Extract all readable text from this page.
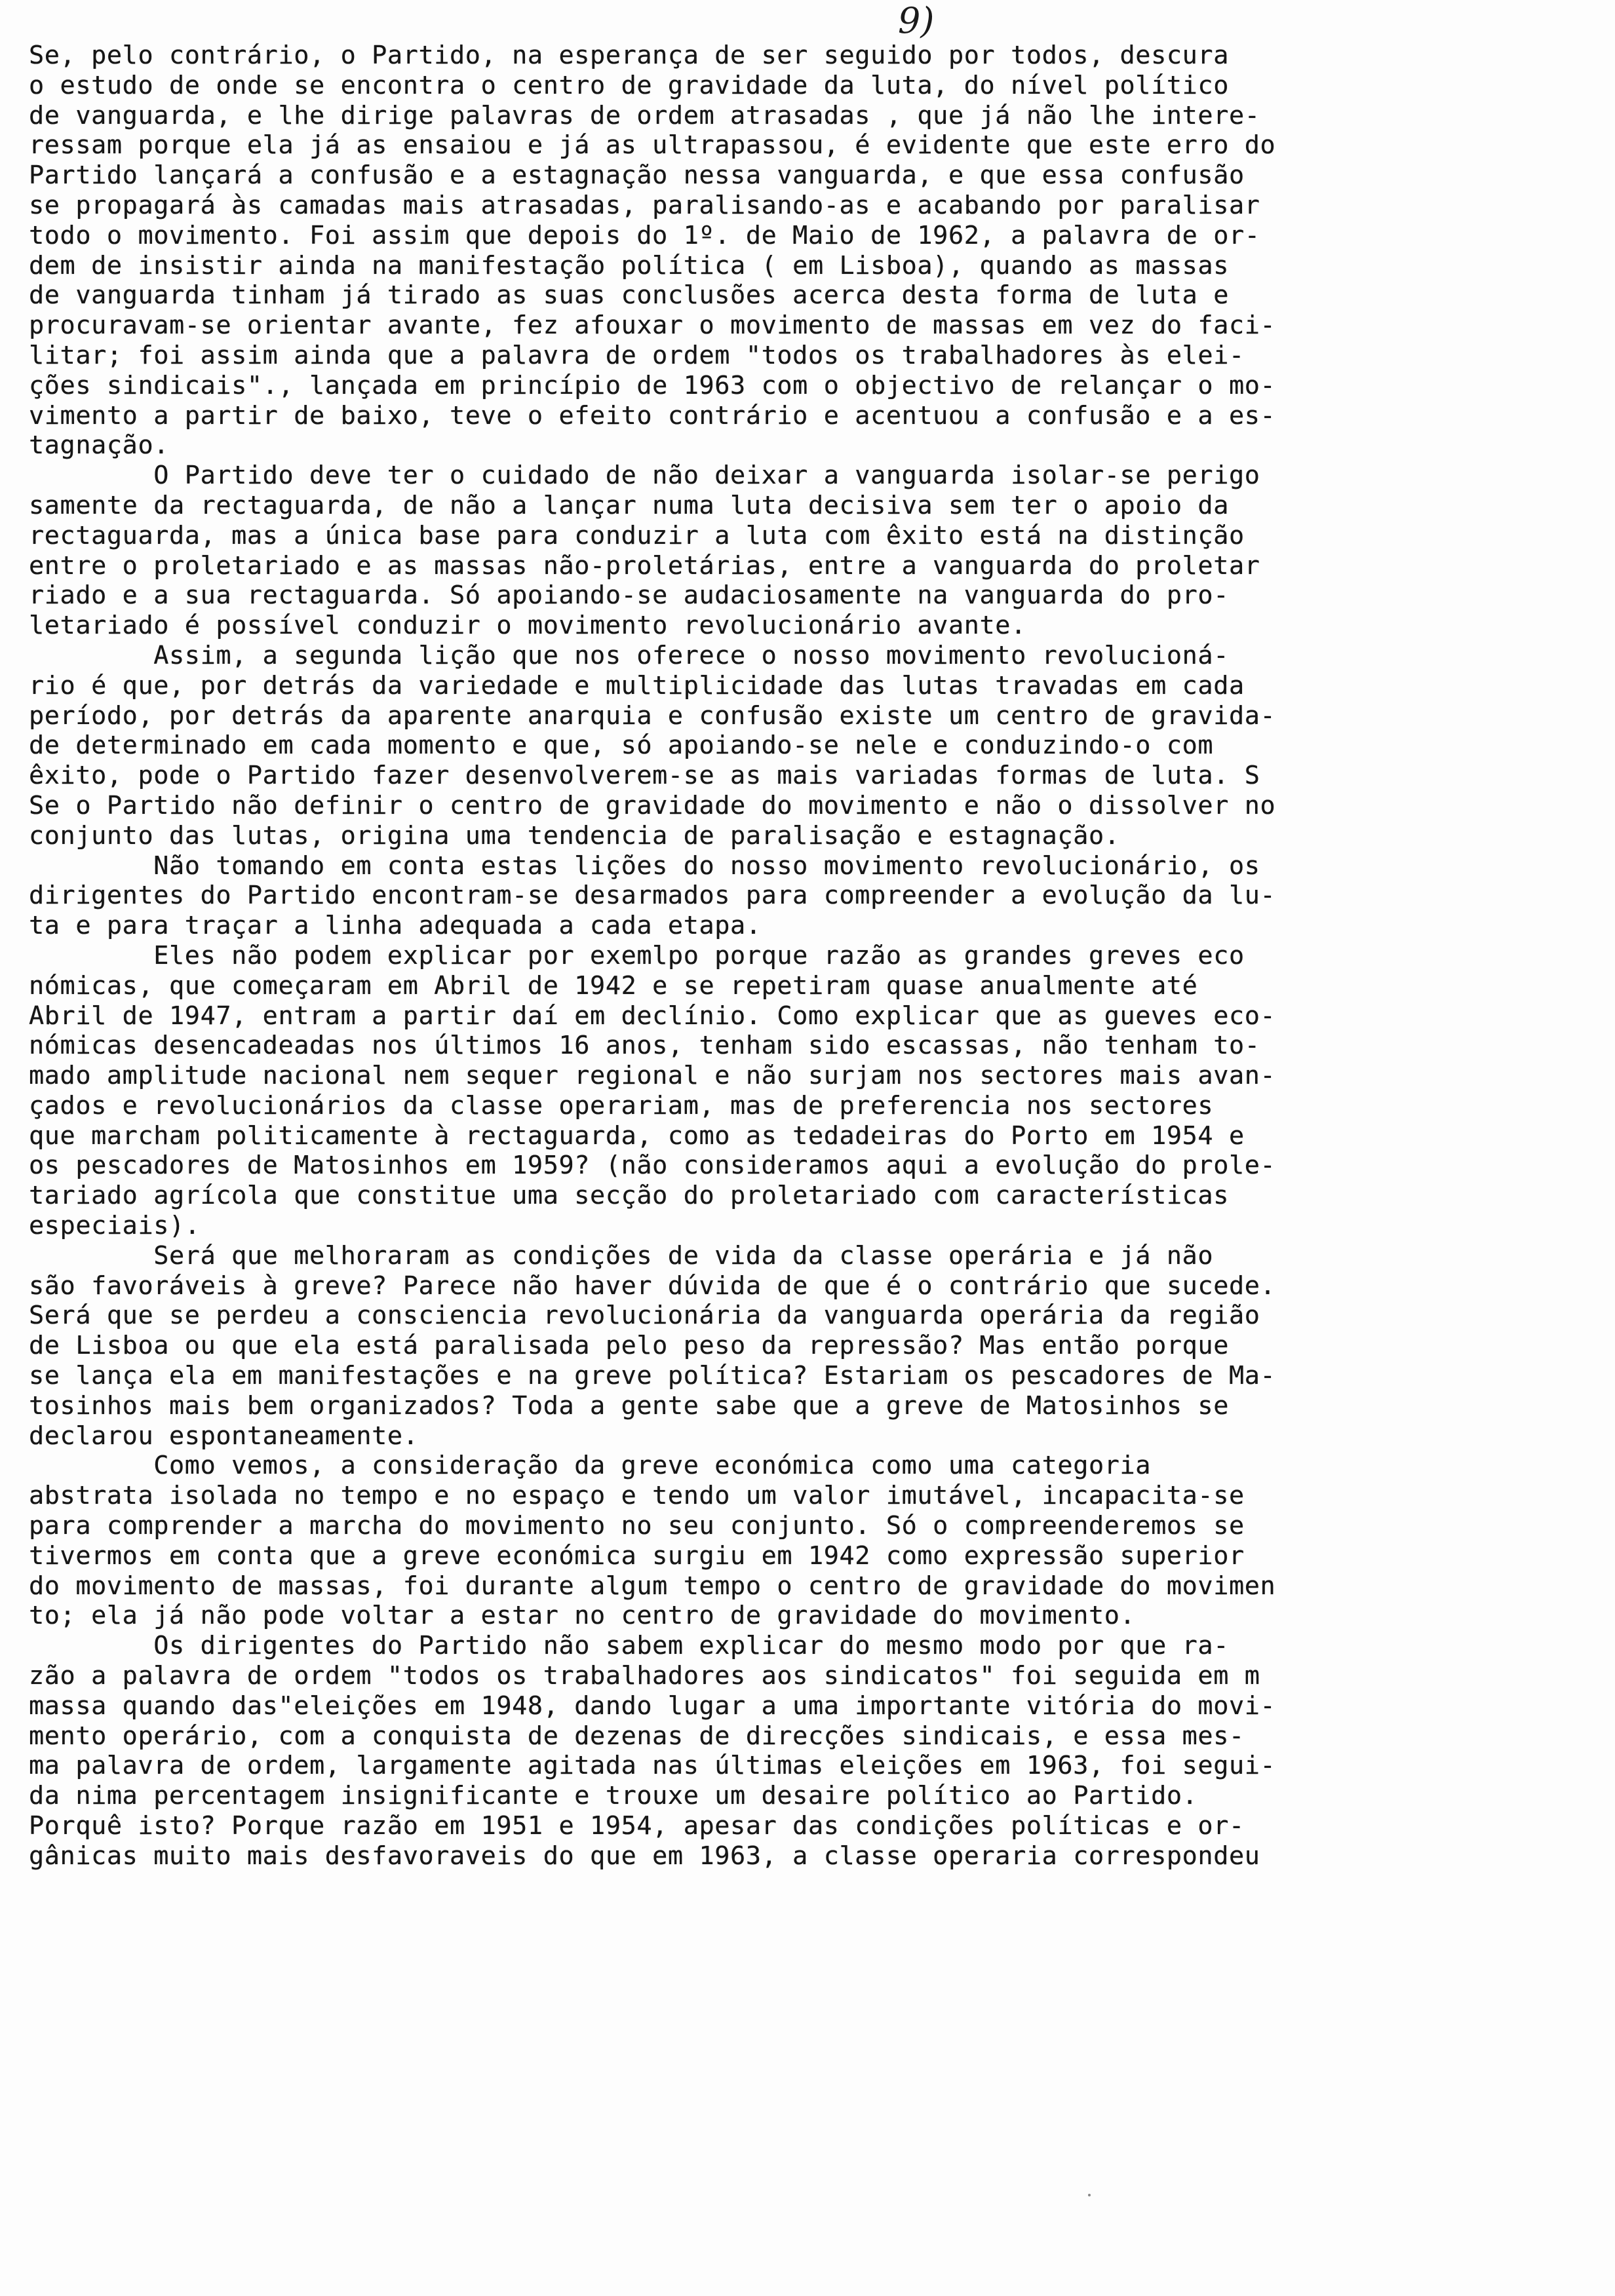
9)
Se, pelo contrário, o Partido, na esperança de ser seguido por todos, descura
o estudo de onde se encontra o centro de gravidade da luta, do nível político
de vanguarda, e lhe dirige palavras de ordem atrasadas , que já não lhe intere-
ressam porque ela já as ensaiou e já as ultrapassou, é evidente que este erro do
Partido lançará a confusão e a estagnação nessa vanguarda, e que essa confusão
se propagará às camadas mais atrasadas, paralisando-as e acabando por paralisar
todo o movimento. Foi assim que depois do 1º. de Maio de 1962, a palavra de or-
dem de insistir ainda na manifestação política ( em Lisboa), quando as massas
de vanguarda tinham já tirado as suas conclusões acerca desta forma de luta e
procuravam-se orientar avante, fez afouxar o movimento de massas em vez do faci-
litar; foi assim ainda que a palavra de ordem "todos os trabalhadores às elei-
ções sindicais"., lançada em princípio de 1963 com o objectivo de relançar o mo-
vimento a partir de baixo, teve o efeito contrário e acentuou a confusão e a es-
tagnação.
O Partido deve ter o cuidado de não deixar a vanguarda isolar-se perigo
samente da rectaguarda, de não a lançar numa luta decisiva sem ter o apoio da
rectaguarda, mas a única base para conduzir a luta com êxito está na distinção
entre o proletariado e as massas não-proletárias, entre a vanguarda do proletar
riado e a sua rectaguarda. Só apoiando-se audaciosamente na vanguarda do pro-
letariado é possível conduzir o movimento revolucionário avante.
Assim, a segunda lição que nos oferece o nosso movimento revolucioná-
rio é que, por detrás da variedade e multiplicidade das lutas travadas em cada
período, por detrás da aparente anarquia e confusão existe um centro de gravida-
de determinado em cada momento e que, só apoiando-se nele e conduzindo-o com
êxito, pode o Partido fazer desenvolverem-se as mais variadas formas de luta. S
Se o Partido não definir o centro de gravidade do movimento e não o dissolver no
conjunto das lutas, origina uma tendencia de paralisação e estagnação.
Não tomando em conta estas lições do nosso movimento revolucionário, os
dirigentes do Partido encontram-se desarmados para compreender a evolução da lu-
ta e para traçar a linha adequada a cada etapa.
Eles não podem explicar por exemlpo porque razão as grandes greves eco
nómicas, que começaram em Abril de 1942 e se repetiram quase anualmente até
Abril de 1947, entram a partir daí em declínio. Como explicar que as gueves eco-
nómicas desencadeadas nos últimos 16 anos, tenham sido escassas, não tenham to-
mado amplitude nacional nem sequer regional e não surjam nos sectores mais avan-
çados e revolucionários da classe operariam, mas de preferencia nos sectores
que marcham politicamente à rectaguarda, como as tedadeiras do Porto em 1954 e
os pescadores de Matosinhos em 1959? (não consideramos aqui a evolução do prole-
tariado agrícola que constitue uma secção do proletariado com características
especiais).
Será que melhoraram as condições de vida da classe operária e já não
são favoráveis à greve? Parece não haver dúvida de que é o contrário que sucede.
Será que se perdeu a consciencia revolucionária da vanguarda operária da região
de Lisboa ou que ela está paralisada pelo peso da repressão? Mas então porque
se lança ela em manifestações e na greve política? Estariam os pescadores de Ma-
tosinhos mais bem organizados? Toda a gente sabe que a greve de Matosinhos se
declarou espontaneamente.
Como vemos, a consideração da greve económica como uma categoria
abstrata isolada no tempo e no espaço e tendo um valor imutável, incapacita-se
para comprender a marcha do movimento no seu conjunto. Só o compreenderemos se
tivermos em conta que a greve económica surgiu em 1942 como expressão superior
do movimento de massas, foi durante algum tempo o centro de gravidade do movimen
to; ela já não pode voltar a estar no centro de gravidade do movimento.
Os dirigentes do Partido não sabem explicar do mesmo modo por que ra-
zão a palavra de ordem "todos os trabalhadores aos sindicatos" foi seguida em m
massa quando das"eleições em 1948, dando lugar a uma importante vitória do movi-
mento operário, com a conquista de dezenas de direcções sindicais, e essa mes-
ma palavra de ordem, largamente agitada nas últimas eleições em 1963, foi segui-
da nima percentagem insignificante e trouxe um desaire político ao Partido.
Porquê isto? Porque razão em 1951 e 1954, apesar das condições políticas e or-
gânicas muito mais desfavoraveis do que em 1963, a classe operaria correspondeu
